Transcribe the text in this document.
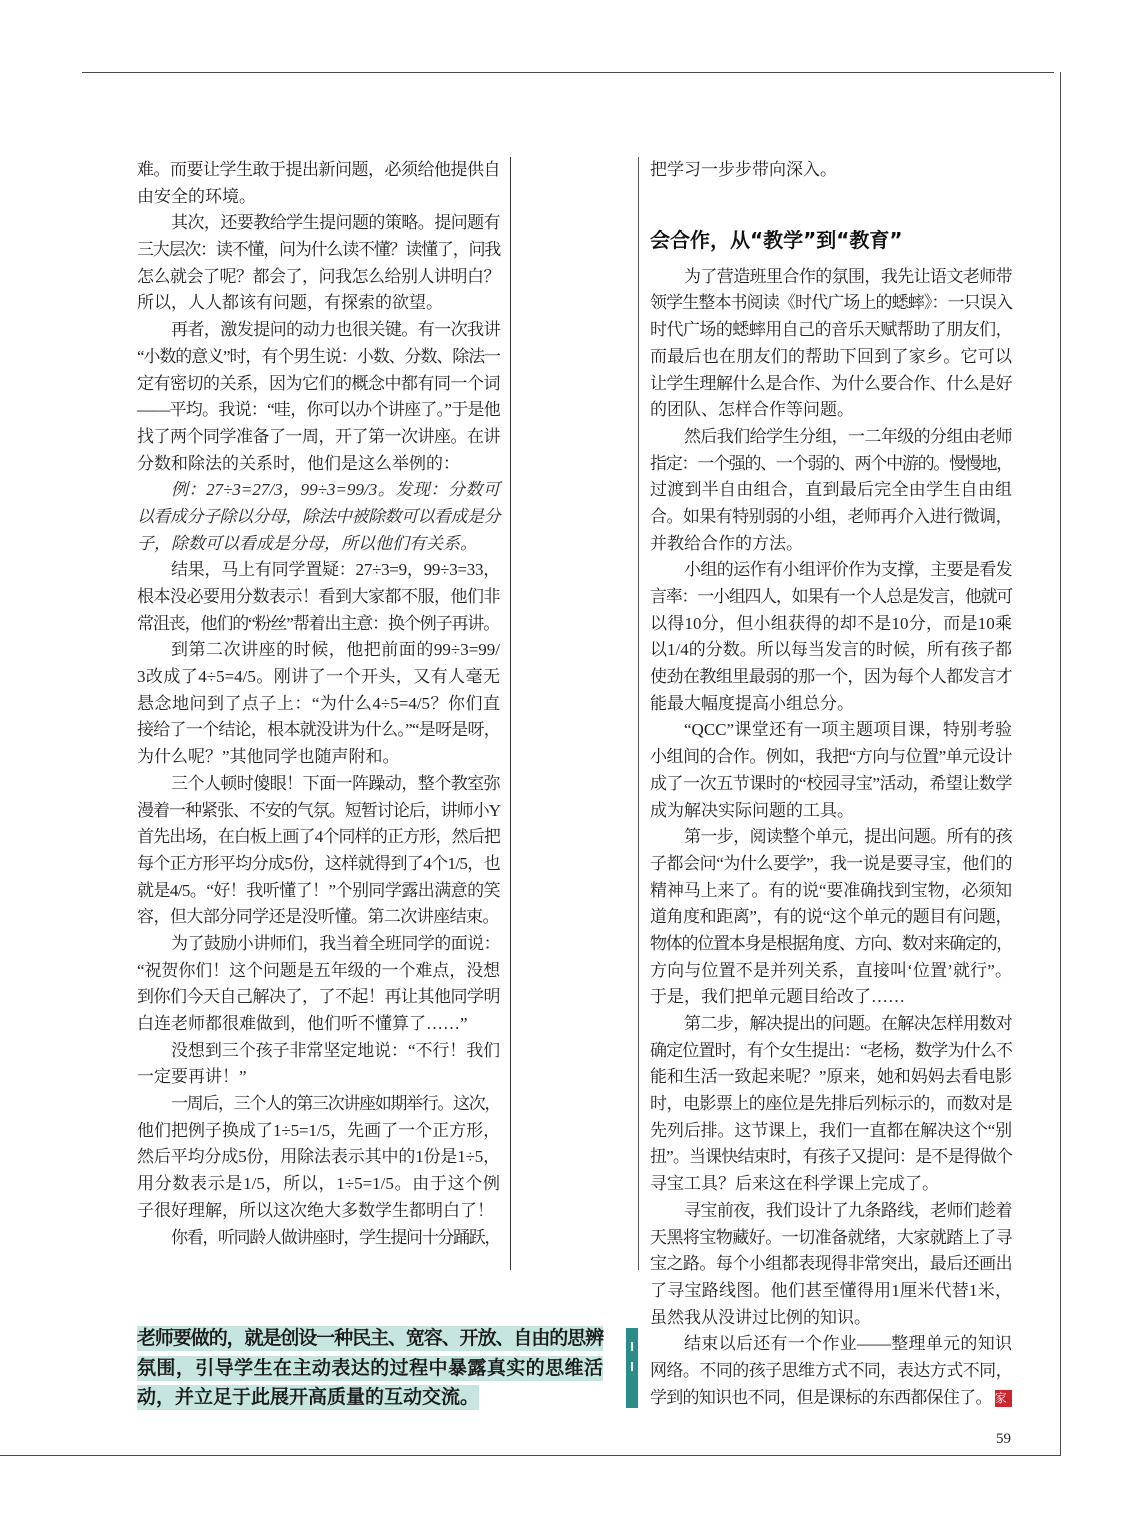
难。而要让学生敢于提出新问题，必须给他提供自
由安全的环境。
其次，还要教给学生提问题的策略。提问题有
三大层次：读不懂，问为什么读不懂？读懂了，问我
怎么就会了呢？都会了，问我怎么给别人讲明白？
所以，人人都该有问题，有探索的欲望。
再者，激发提问的动力也很关键。有一次我讲
“小数的意义”时，有个男生说：小数、分数、除法一
定有密切的关系，因为它们的概念中都有同一个词
——平均。我说：“哇，你可以办个讲座了。”于是他
找了两个同学准备了一周，开了第一次讲座。在讲
分数和除法的关系时，他们是这么举例的：
例：27÷3=27/3，99÷3=99/3。发现：分数可
以看成分子除以分母，除法中被除数可以看成是分
子，除数可以看成是分母，所以他们有关系。
结果，马上有同学置疑：27÷3=9，99÷3=33，
根本没必要用分数表示！看到大家都不服，他们非
常沮丧，他们的“粉丝”帮着出主意：换个例子再讲。
到第二次讲座的时候，他把前面的99÷3=99/
3改成了4÷5=4/5。刚讲了一个开头，又有人毫无
悬念地问到了点子上：“为什么4÷5=4/5？你们直
接给了一个结论，根本就没讲为什么。”“是呀是呀，
为什么呢？”其他同学也随声附和。
三个人顿时傻眼！下面一阵躁动，整个教室弥
漫着一种紧张、不安的气氛。短暂讨论后，讲师小Y
首先出场，在白板上画了4个同样的正方形，然后把
每个正方形平均分成5份，这样就得到了4个1/5，也
就是4/5。“好！我听懂了！”个别同学露出满意的笑
容，但大部分同学还是没听懂。第二次讲座结束。
为了鼓励小讲师们，我当着全班同学的面说：
“祝贺你们！这个问题是五年级的一个难点，没想
到你们今天自己解决了，了不起！再让其他同学明
白连老师都很难做到，他们听不懂算了……”
没想到三个孩子非常坚定地说：“不行！我们
一定要再讲！”
一周后，三个人的第三次讲座如期举行。这次，
他们把例子换成了1÷5=1/5，先画了一个正方形，
然后平均分成5份，用除法表示其中的1份是1÷5，
用分数表示是1/5，所以，1÷5=1/5。由于这个例
子很好理解，所以这次绝大多数学生都明白了！
你看，听同龄人做讲座时，学生提问十分踊跃，
把学习一步步带向深入。
会合作，从“教学”到“教育”
为了营造班里合作的氛围，我先让语文老师带
领学生整本书阅读《时代广场上的蟋蟀》：一只误入
时代广场的蟋蟀用自己的音乐天赋帮助了朋友们，
而最后也在朋友们的帮助下回到了家乡。它可以
让学生理解什么是合作、为什么要合作、什么是好
的团队、怎样合作等问题。
然后我们给学生分组，一二年级的分组由老师
指定：一个强的、一个弱的、两个中游的。慢慢地，
过渡到半自由组合，直到最后完全由学生自由组
合。如果有特别弱的小组，老师再介入进行微调，
并教给合作的方法。
小组的运作有小组评价作为支撑，主要是看发
言率：一小组四人，如果有一个人总是发言，他就可
以得10分，但小组获得的却不是10分，而是10乘
以1/4的分数。所以每当发言的时候，所有孩子都
使劲在教组里最弱的那一个，因为每个人都发言才
能最大幅度提高小组总分。
“QCC”课堂还有一项主题项目课，特别考验
小组间的合作。例如，我把“方向与位置”单元设计
成了一次五节课时的“校园寻宝”活动，希望让数学
成为解决实际问题的工具。
第一步，阅读整个单元，提出问题。所有的孩
子都会问“为什么要学”，我一说是要寻宝，他们的
精神马上来了。有的说“要准确找到宝物，必须知
道角度和距离”，有的说“这个单元的题目有问题，
物体的位置本身是根据角度、方向、数对来确定的，
方向与位置不是并列关系，直接叫‘位置’就行”。
于是，我们把单元题目给改了……
第二步，解决提出的问题。在解决怎样用数对
确定位置时，有个女生提出：“老杨，数学为什么不
能和生活一致起来呢？”原来，她和妈妈去看电影
时，电影票上的座位是先排后列标示的，而数对是
先列后排。这节课上，我们一直都在解决这个“别
扭”。当课快结束时，有孩子又提问：是不是得做个
寻宝工具？后来这在科学课上完成了。
寻宝前夜，我们设计了九条路线，老师们趁着
天黑将宝物藏好。一切准备就绪，大家就踏上了寻
宝之路。每个小组都表现得非常突出，最后还画出
了寻宝路线图。他们甚至懂得用1厘米代替1米，
虽然我从没讲过比例的知识。
结束以后还有一个作业——整理单元的知识
网络。不同的孩子思维方式不同，表达方式不同，
学到的知识也不同，但是课标的东西都保住了。 家
老师要做的，就是创设一种民主、宽容、开放、自由的思辨
氛围，引导学生在主动表达的过程中暴露真实的思维活
动，并立足于此展开高质量的互动交流。
59
